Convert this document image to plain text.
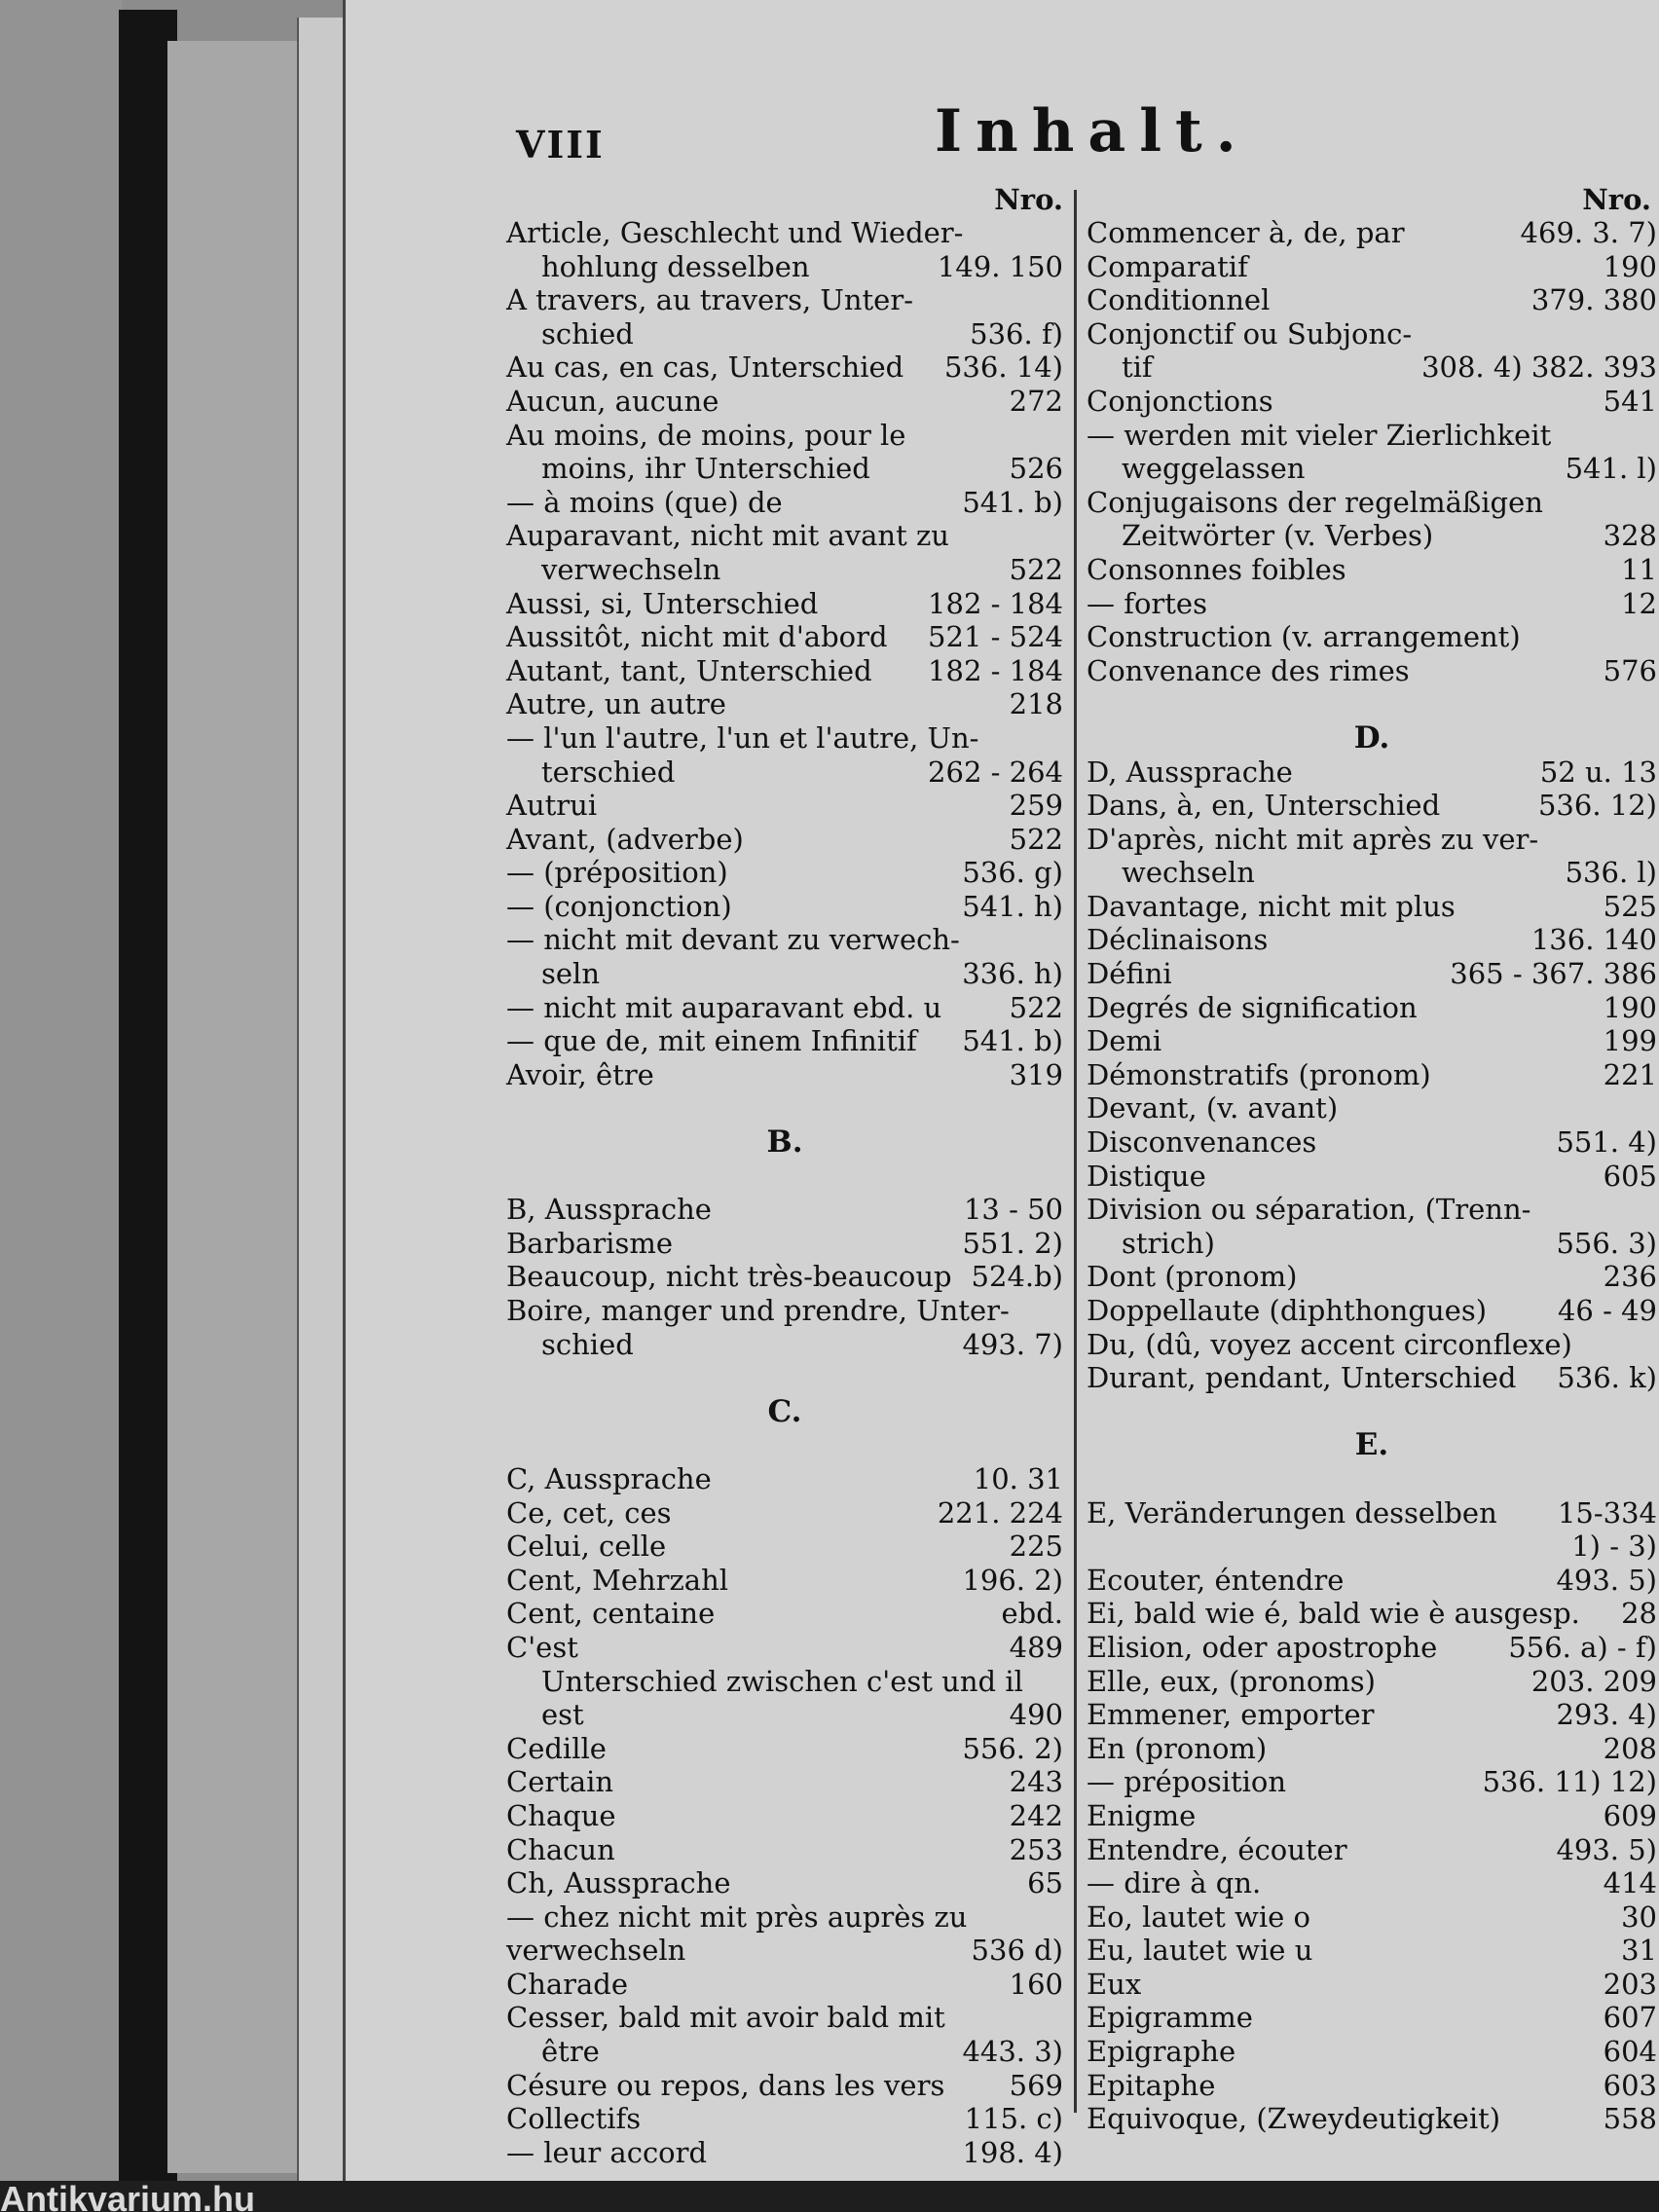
VIII	Inhalt.
Nro.
Article, Geschlecht und Wieder-
hohlung desselben	149. 150
A travers, au travers, Unter-
schied	536. f)
Au cas, en cas, Unterschied 536. 14)
Aucun, aucune	272
Au moins, de moins, pour le
moins, ihr Unterschied	526
— à moins (que) de	541. b)
Auparavant, nicht mit avant zu
verwechseln	522
Aussi, si, Unterschied	182 - 184
Aussitôt, nicht mit d'abord 521 - 524
Autant, tant, Unterschied 182 - 184
Autre, un autre	218
— l'un l'autre, l'un et l'autre, Un-
terschied	262 - 264
Autrui	259
Avant, (adverbe)	522
— (préposition)	536. g)
— (conjonction)	541. h)
— nicht mit devant zu verwech-
seln	336. h)
— nicht mit auparavant ebd. u 522
— que de, mit einem Infinitif 541. b)
Avoir, être	319
B.
B, Aussprache	13 - 50
Barbarisme	551. 2)
Beaucoup, nicht très-beaucoup 524.b)
Boire, manger und prendre, Unter-
schied	493. 7)
C.
C, Aussprache	10. 31
Ce, cet, ces	221. 224
Celui, celle	225
Cent, Mehrzahl	196. 2)
Cent, centaine	ebd.
C'est	489
Unterschied zwischen c'est und il
est	490
Cedille	556. 2)
Certain	243
Chaque	242
Chacun	253
Ch, Aussprache	65
— chez nicht mit près auprès zu
verwechseln	536 d)
Charade	160
Cesser, bald mit avoir bald mit
être	443. 3)
Césure ou repos, dans les vers 569
Collectifs	115. c)
— leur accord	198. 4)
Nro.
Commencer à, de, par	469. 3. 7)
Comparatif	190
Conditionnel	379. 380
Conjonctif ou Subjonc-
tif	308. 4) 382. 393
Conjonctions	541
— werden mit vieler Zierlichkeit
weggelassen	541. l)
Conjugaisons der regelmäßigen
Zeitwörter (v. Verbes)	328
Consonnes foibles	11
— fortes	12
Construction (v. arrangement)
Convenance des rimes	576
D.
D, Aussprache	52 u. 13
Dans, à, en, Unterschied	536. 12)
D'après, nicht mit après zu ver-
wechseln	536. l)
Davantage, nicht mit plus	525
Déclinaisons	136. 140
Défini	365 - 367. 386
Degrés de signification	190
Demi	199
Démonstratifs (pronom)	221
Devant, (v. avant)
Disconvenances	551. 4)
Distique	605
Division ou séparation, (Trenn-
strich)	556. 3)
Dont (pronom)	236
Doppellaute (diphthongues)	46 - 49
Du, (dû, voyez accent circonflexe)
Durant, pendant, Unterschied 536. k)
E.
E, Veränderungen desselben 15-334
1) - 3)
Ecouter, éntendre	493. 5)
Ei, bald wie é, bald wie è ausgesp. 28
Elision, oder apostrophe	556. a) - f)
Elle, eux, (pronoms)	203. 209
Emmener, emporter	293. 4)
En (pronom)	208
— préposition	536. 11) 12)
Enigme	609
Entendre, écouter	493. 5)
— dire à qn.	414
Eo, lautet wie o	30
Eu, lautet wie u	31
Eux	203
Epigramme	607
Epigraphe	604
Epitaphe	603
Equivoque, (Zweydeutigkeit)	558
Antikvarium.hu
